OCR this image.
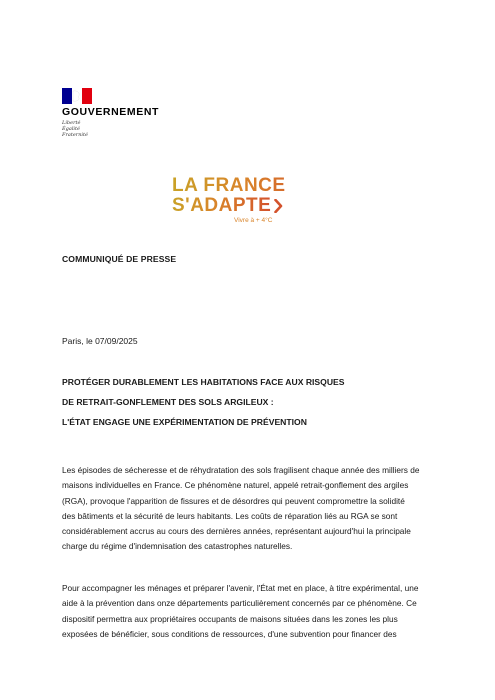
GOUVERNEMENT
Liberté
Égalité
Fraternité
LA FRANCE
S'ADAPTE
Vivre à + 4°C
COMMUNIQUÉ DE PRESSE
Paris, le 07/09/2025
PROTÉGER DURABLEMENT LES HABITATIONS FACE AUX RISQUES
DE RETRAIT-GONFLEMENT DES SOLS ARGILEUX :
L'ÉTAT ENGAGE UNE EXPÉRIMENTATION DE PRÉVENTION
Les épisodes de sécheresse et de réhydratation des sols fragilisent chaque année des milliers de
maisons individuelles en France. Ce phénomène naturel, appelé retrait-gonflement des argiles
(RGA), provoque l'apparition de fissures et de désordres qui peuvent compromettre la solidité
des bâtiments et la sécurité de leurs habitants. Les coûts de réparation liés au RGA se sont
considérablement accrus au cours des dernières années, représentant aujourd'hui la principale
charge du régime d'indemnisation des catastrophes naturelles.
Pour accompagner les ménages et préparer l'avenir, l'État met en place, à titre expérimental, une
aide à la prévention dans onze départements particulièrement concernés par ce phénomène. Ce
dispositif permettra aux propriétaires occupants de maisons situées dans les zones les plus
exposées de bénéficier, sous conditions de ressources, d'une subvention pour financer des
